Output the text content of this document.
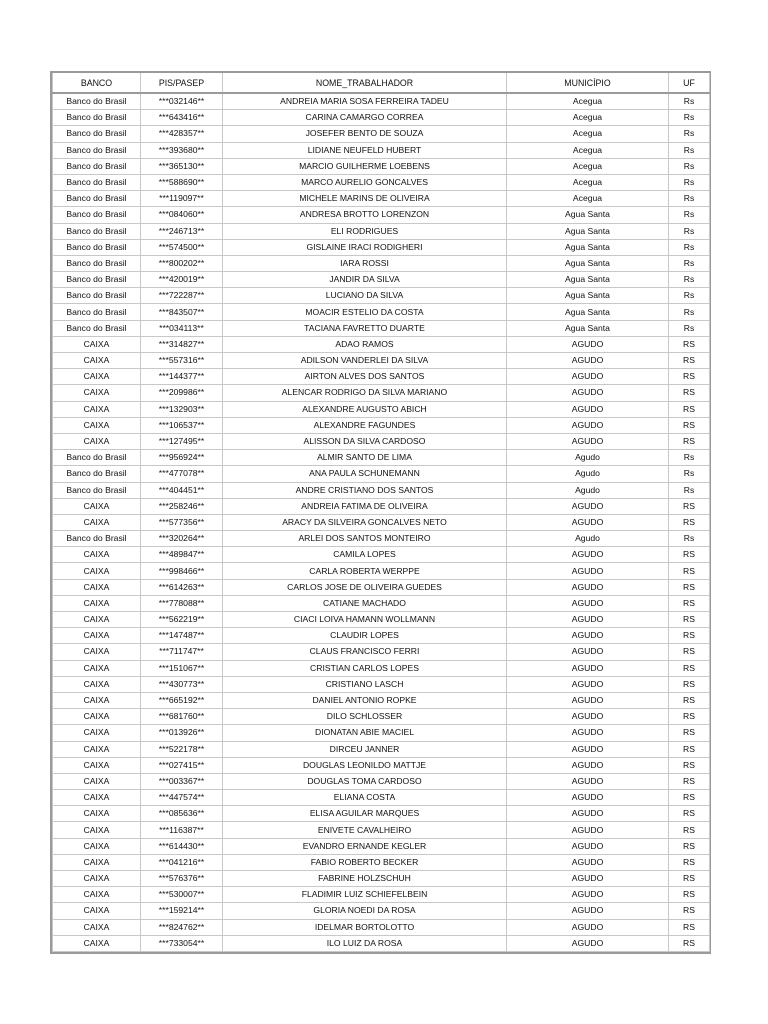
BANCO	PIS/PASEP	NOME_TRABALHADOR	MUNICÍPIO	UF
Banco do Brasil	***032146**	ANDREIA MARIA SOSA FERREIRA TADEU	Acegua	Rs
Banco do Brasil	***643416**	CARINA CAMARGO CORREA	Acegua	Rs
Banco do Brasil	***428357**	JOSEFER BENTO DE SOUZA	Acegua	Rs
Banco do Brasil	***393680**	LIDIANE NEUFELD HUBERT	Acegua	Rs
Banco do Brasil	***365130**	MARCIO GUILHERME LOEBENS	Acegua	Rs
Banco do Brasil	***588690**	MARCO AURELIO GONCALVES	Acegua	Rs
Banco do Brasil	***119097**	MICHELE MARINS DE OLIVEIRA	Acegua	Rs
Banco do Brasil	***084060**	ANDRESA BROTTO LORENZON	Agua Santa	Rs
Banco do Brasil	***246713**	ELI RODRIGUES	Agua Santa	Rs
Banco do Brasil	***574500**	GISLAINE IRACI RODIGHERI	Agua Santa	Rs
Banco do Brasil	***800202**	IARA ROSSI	Agua Santa	Rs
Banco do Brasil	***420019**	JANDIR DA SILVA	Agua Santa	Rs
Banco do Brasil	***722287**	LUCIANO DA SILVA	Agua Santa	Rs
Banco do Brasil	***843507**	MOACIR ESTELIO DA COSTA	Agua Santa	Rs
Banco do Brasil	***034113**	TACIANA FAVRETTO DUARTE	Agua Santa	Rs
CAIXA	***314827**	ADAO RAMOS	AGUDO	RS
CAIXA	***557316**	ADILSON VANDERLEI DA SILVA	AGUDO	RS
CAIXA	***144377**	AIRTON ALVES DOS SANTOS	AGUDO	RS
CAIXA	***209986**	ALENCAR RODRIGO DA SILVA MARIANO	AGUDO	RS
CAIXA	***132903**	ALEXANDRE AUGUSTO ABICH	AGUDO	RS
CAIXA	***106537**	ALEXANDRE FAGUNDES	AGUDO	RS
CAIXA	***127495**	ALISSON DA SILVA CARDOSO	AGUDO	RS
Banco do Brasil	***956924**	ALMIR SANTO DE LIMA	Agudo	Rs
Banco do Brasil	***477078**	ANA PAULA SCHUNEMANN	Agudo	Rs
Banco do Brasil	***404451**	ANDRE CRISTIANO DOS SANTOS	Agudo	Rs
CAIXA	***258246**	ANDREIA FATIMA DE OLIVEIRA	AGUDO	RS
CAIXA	***577356**	ARACY DA SILVEIRA GONCALVES NETO	AGUDO	RS
Banco do Brasil	***320264**	ARLEI DOS SANTOS MONTEIRO	Agudo	Rs
CAIXA	***489847**	CAMILA LOPES	AGUDO	RS
CAIXA	***998466**	CARLA ROBERTA WERPPE	AGUDO	RS
CAIXA	***614263**	CARLOS JOSE DE OLIVEIRA GUEDES	AGUDO	RS
CAIXA	***778088**	CATIANE MACHADO	AGUDO	RS
CAIXA	***562219**	CIACI LOIVA HAMANN WOLLMANN	AGUDO	RS
CAIXA	***147487**	CLAUDIR LOPES	AGUDO	RS
CAIXA	***711747**	CLAUS FRANCISCO FERRI	AGUDO	RS
CAIXA	***151067**	CRISTIAN CARLOS LOPES	AGUDO	RS
CAIXA	***430773**	CRISTIANO LASCH	AGUDO	RS
CAIXA	***665192**	DANIEL ANTONIO ROPKE	AGUDO	RS
CAIXA	***681760**	DILO SCHLOSSER	AGUDO	RS
CAIXA	***013926**	DIONATAN ABIE MACIEL	AGUDO	RS
CAIXA	***522178**	DIRCEU JANNER	AGUDO	RS
CAIXA	***027415**	DOUGLAS LEONILDO MATTJE	AGUDO	RS
CAIXA	***003367**	DOUGLAS TOMA CARDOSO	AGUDO	RS
CAIXA	***447574**	ELIANA COSTA	AGUDO	RS
CAIXA	***085636**	ELISA AGUILAR MARQUES	AGUDO	RS
CAIXA	***116387**	ENIVETE CAVALHEIRO	AGUDO	RS
CAIXA	***614430**	EVANDRO ERNANDE KEGLER	AGUDO	RS
CAIXA	***041216**	FABIO ROBERTO BECKER	AGUDO	RS
CAIXA	***576376**	FABRINE HOLZSCHUH	AGUDO	RS
CAIXA	***530007**	FLADIMIR LUIZ SCHIEFELBEIN	AGUDO	RS
CAIXA	***159214**	GLORIA NOEDI DA ROSA	AGUDO	RS
CAIXA	***824762**	IDELMAR BORTOLOTTO	AGUDO	RS
CAIXA	***733054**	ILO LUIZ DA ROSA	AGUDO	RS
